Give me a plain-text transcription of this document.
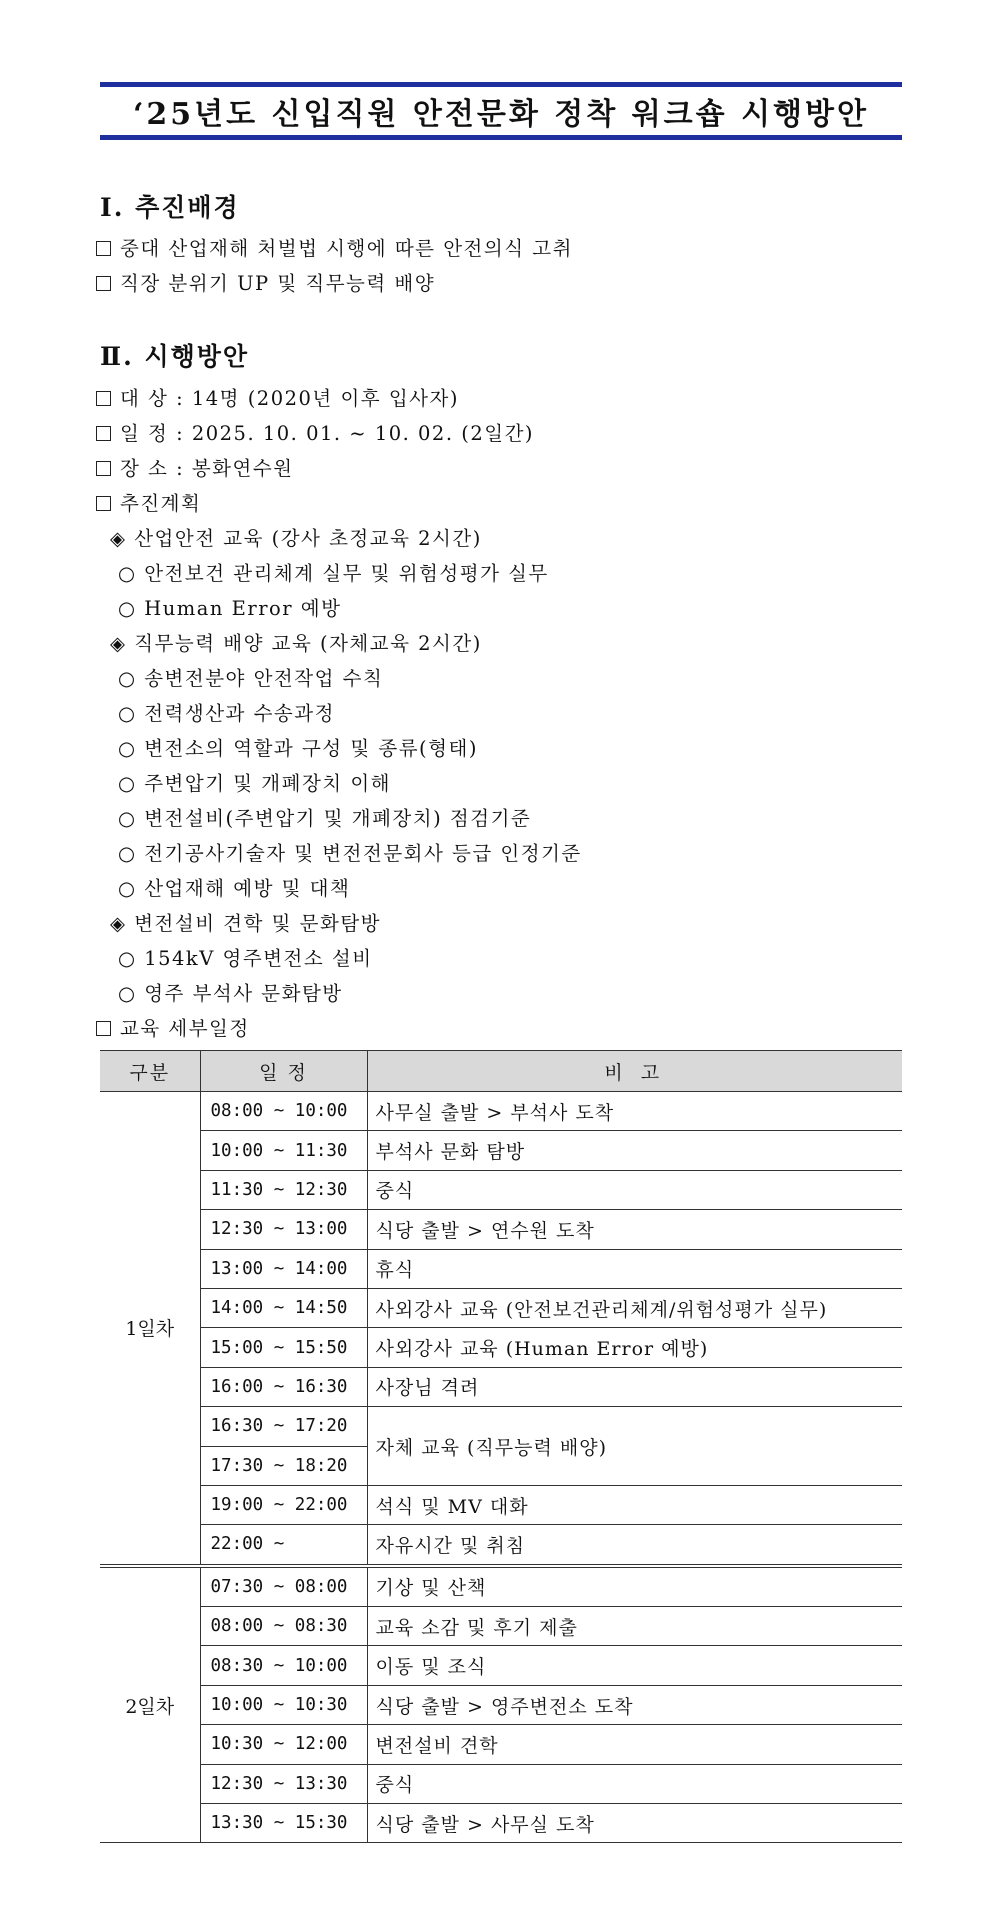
‘25년도 신입직원 안전문화 정착 워크숍 시행방안
Ⅰ. 추진배경
중대 산업재해 처벌법 시행에 따른 안전의식 고취
직장 분위기 UP 및 직무능력 배양
Ⅱ. 시행방안
대 상 : 14명 (2020년 이후 입사자)
일 정 : 2025. 10. 01. ~ 10. 02. (2일간)
장 소 : 봉화연수원
추진계획
◈ 산업안전 교육 (강사 초정교육 2시간)
○ 안전보건 관리체계 실무 및 위험성평가 실무
○ Human Error 예방
◈ 직무능력 배양 교육 (자체교육 2시간)
○ 송변전분야 안전작업 수칙
○ 전력생산과 수송과정
○ 변전소의 역할과 구성 및 종류(형태)
○ 주변압기 및 개폐장치 이해
○ 변전설비(주변압기 및 개폐장치) 점검기준
○ 전기공사기술자 및 변전전문회사 등급 인정기준
○ 산업재해 예방 및 대책
◈ 변전설비 견학 및 문화탐방
○ 154kV 영주변전소 설비
○ 영주 부석사 문화탐방
교육 세부일정
구분	일 정	비 고
1일차	08:00 ~ 10:00	사무실 출발 > 부석사 도착
	10:00 ~ 11:30	부석사 문화 탐방
	11:30 ~ 12:30	중식
	12:30 ~ 13:00	식당 출발 > 연수원 도착
	13:00 ~ 14:00	휴식
	14:00 ~ 14:50	사외강사 교육 (안전보건관리체계/위험성평가 실무)
	15:00 ~ 15:50	사외강사 교육 (Human Error 예방)
	16:00 ~ 16:30	사장님 격려
	16:30 ~ 17:20	자체 교육 (직무능력 배양)
	17:30 ~ 18:20	
	19:00 ~ 22:00	석식 및 MV 대화
	22:00 ~	자유시간 및 취침
2일차	07:30 ~ 08:00	기상 및 산책
	08:00 ~ 08:30	교육 소감 및 후기 제출
	08:30 ~ 10:00	이동 및 조식
	10:00 ~ 10:30	식당 출발 > 영주변전소 도착
	10:30 ~ 12:00	변전설비 견학
	12:30 ~ 13:30	중식
	13:30 ~ 15:30	식당 출발 > 사무실 도착
